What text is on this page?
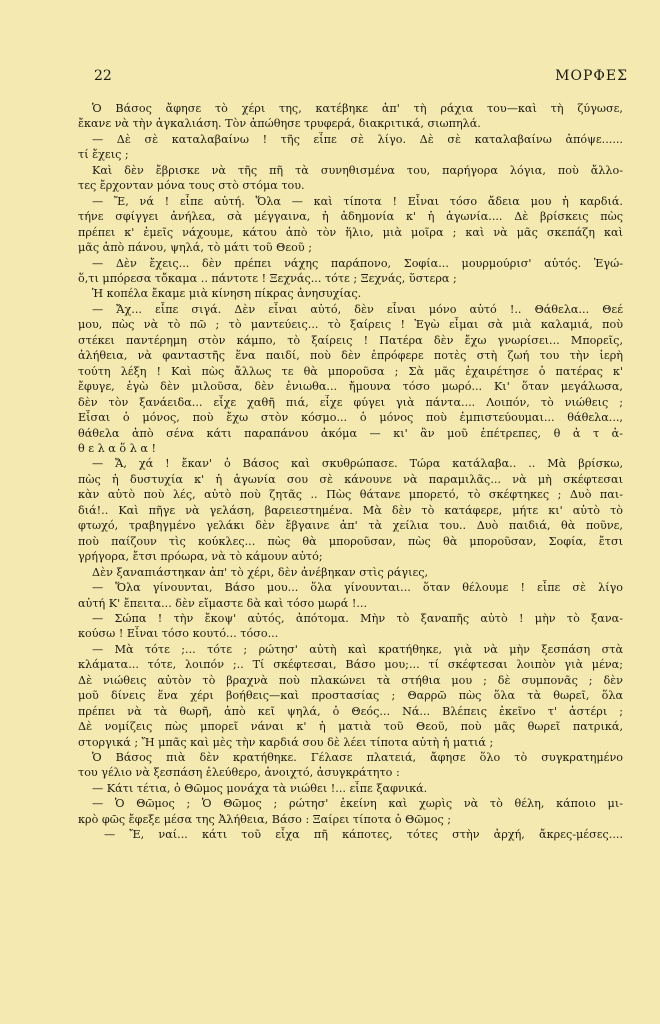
22	ΜΟΡΦΕΣ
Ὁ Βάσος ἄφησε τὸ χέρι της, κατέβηκε ἀπ' τὴ ράχια του—καὶ τὴ ζύγωσε,
ἔκανε νὰ τὴν ἀγκαλιάση. Τὸν ἀπώθησε τρυφερά, διακριτικά, σιωπηλά.
— Δὲ σὲ καταλαβαίνω ! τῆς εἶπε σὲ λίγο. Δὲ σὲ καταλαβαίνω ἀπόψε......
τί ἔχεις ;
Καὶ δὲν ἔβρισκε νὰ τῆς πῆ τὰ συνηθισμένα του, παρήγορα λόγια, ποὺ ἄλλο-
τες ἔρχονταν μόνα τους στὸ στόμα του.
— Ἔ, νά ! εἶπε αὐτή. Ὅλα — καὶ τίποτα ! Εἶναι τόσο ἄδεια μου ἡ καρδιά.
τήνε σφίγγει ἀνήλεα, σὰ μέγγαινα, ἡ ἀδημονία κ' ἡ ἀγωνία.... Δὲ βρίσκεις πὼς
πρέπει κ' ἐμεῖς νάχουμε, κάτου ἀπὸ τὸν ἥλιο, μιὰ μοῖρα ; καὶ νὰ μᾶς σκεπάζη καὶ
μᾶς ἀπὸ πάνου, ψηλά, τὸ μάτι τοῦ Θεοῦ ;
— Δὲν ἔχεις... δὲν πρέπει νάχης παράπονο, Σοφία... μουρμούρισ' αὐτός. Ἐγώ-
ὅ,τι μπόρεσα τὄκαμα .. πάντοτε ! Ξεχνάς... τότε ; Ξεχνάς, ὕστερα ;
Ἡ κοπέλα ἔκαμε μιὰ κίνηση πίκρας ἀνησυχίας.
— Ἄχ... εἶπε σιγά. Δὲν εἶναι αὐτό, δὲν εἶναι μόνο αὐτό !.. Θάθελα... Θεέ
μου, πὼς νὰ τὸ πῶ ; τὸ μαντεύεις... τὸ ξαίρεις ! Ἐγὼ εἶμαι σὰ μιὰ καλαμιά, ποὺ
στέκει παντέρημη στὸν κάμπο, τὸ ξαίρεις ! Πατέρα δὲν ἔχω γνωρίσει... Μπορεῖς,
ἀλήθεια, νὰ φανταστῆς ἕνα παιδί, ποὺ δὲν ἐπρόφερε ποτὲς στὴ ζωή του τὴν ἱερὴ
τούτη λέξη ! Καὶ πὼς ἄλλως τε θὰ μποροῦσα ; Σὰ μᾶς ἐχαιρέτησε ὁ πατέρας κ'
ἔφυγε, ἐγὼ δὲν μιλοῦσα, δὲν ἐνιωθα... ἤμουνα τόσο μωρό... Κι' ὅταν μεγάλωσα,
δὲν τὸν ξανάειδα... εἶχε χαθῆ πιά, εἶχε φύγει γιὰ πάντα.... Λοιπόν, τὸ νιώθεις ;
Εἶσαι ὁ μόνος, ποὺ ἔχω στὸν κόσμο... ὁ μόνος ποὺ ἐμπιστεύουμαι... θάθελα...,
θάθελα ἀπὸ σένα κάτι παραπάνου ἀκόμα — κι' ἂν μοῦ ἐπέτρεπες, θ ἀ τ ἀ-
θ ε λ α ὅ λ α !
— Ἄ, χά ! ἔκαν' ὁ Βάσος καὶ σκυθρώπασε. Τώρα κατάλαβα.. .. Μὰ βρίσκω,
πὼς ἡ δυστυχία κ' ἡ ἀγωνία σου σὲ κάνουνε νὰ παραμιλᾶς... νὰ μὴ σκέφτεσαι
κὰν αὐτὸ ποὺ λές, αὐτὸ ποὺ ζητᾶς .. Πὼς θάτανε μπορετό, τὸ σκέφτηκες ; Δυὸ παι-
διά!.. Καὶ πῆγε νὰ γελάση, βαρειεστημένα. Μὰ δὲν τὸ κατάφερε, μήτε κι' αὐτὸ τὸ
φτωχό, τραβηγμένο γελάκι δὲν ἔβγαινε ἀπ' τὰ χείλια του.. Δυὸ παιδιά, θὰ ποῦνε,
ποὺ παίζουν τὶς κούκλες... πὼς θὰ μποροῦσαν, πὼς θὰ μποροῦσαν, Σοφία, ἔτσι
γρήγορα, ἔτσι πρόωρα, νὰ τὸ κάμουν αὐτό;
Δὲν ξαναπιάστηκαν ἀπ' τὸ χέρι, δὲν ἀνέβηκαν στὶς ράγιες,
— Ὅλα γίνουνται, Βάσο μου... ὅλα γίνουνται... ὅταν θέλουμε ! εἶπε σὲ λίγο
αὐτή Κ' ἔπειτα... δὲν εἴμαστε δὰ καὶ τόσο μωρά !...
— Σώπα ! τὴν ἔκοψ' αὐτός, ἀπότομα. Μὴν τὸ ξαναπῆς αὐτὸ ! μὴν τὸ ξανα-
κούσω ! Εἶναι τόσο κουτό... τόσο...
— Μὰ τότε ;... τότε ; ρώτησ' αὐτὴ καὶ κρατήθηκε, γιὰ νὰ μὴν ξεσπάση στὰ
κλάματα... τότε, λοιπόν ;.. Τί σκέφτεσαι, Βάσο μου;... τί σκέφτεσαι λοιπὸν γιὰ μένα;
Δὲ νιώθεις αὐτὸν τὸ βραχνὰ ποὺ πλακώνει τὰ στήθια μου ; δὲ συμπονᾶς ; δὲν
μοῦ δίνεις ἕνα χέρι βοήθεις—καὶ προστασίας ; Θαρρῶ πὼς ὅλα τὰ θωρεῖ, ὅλα
πρέπει νὰ τὰ θωρῆ, ἀπὸ κεῖ ψηλά, ὁ Θεός... Νά... Βλέπεις ἐκεῖνο τ' ἀστέρι ;
Δὲ νομίζεις πὼς μπορεῖ νάναι κ' ἡ ματιὰ τοῦ Θεοῦ, ποὺ μᾶς θωρεῖ πατρικά,
στοργικά ; Ἤ μπᾶς καὶ μὲς τὴν καρδιά σου δὲ λέει τίποτα αὐτὴ ἡ ματιά ;
Ὁ Βάσος πιὰ δὲν κρατήθηκε. Γέλασε πλατειά, ἄφησε ὅλο τὸ συγκρατημένο
του γέλιο νὰ ξεσπάση ἐλεύθερο, ἀνοιχτό, ἀσυγκράτητο :
— Κάτι τέτια, ὁ Θῶμος μονάχα τὰ νιώθει !... εἶπε ξαφνικά.
— Ὁ Θῶμος ; Ὁ Θῶμος ; ρώτησ' ἐκείνη καὶ χωρὶς νὰ τὸ θέλη, κάποιο μι-
κρὸ φῶς ἔφεξε μέσα της Ἀλήθεια, Βάσο : Ξαίρει τίποτα ὁ Θῶμος ;
— Ἔ, ναί... κάτι τοῦ εἶχα πῆ κάποτες, τότες στὴν ἀρχή, ἄκρες-μέσες....
